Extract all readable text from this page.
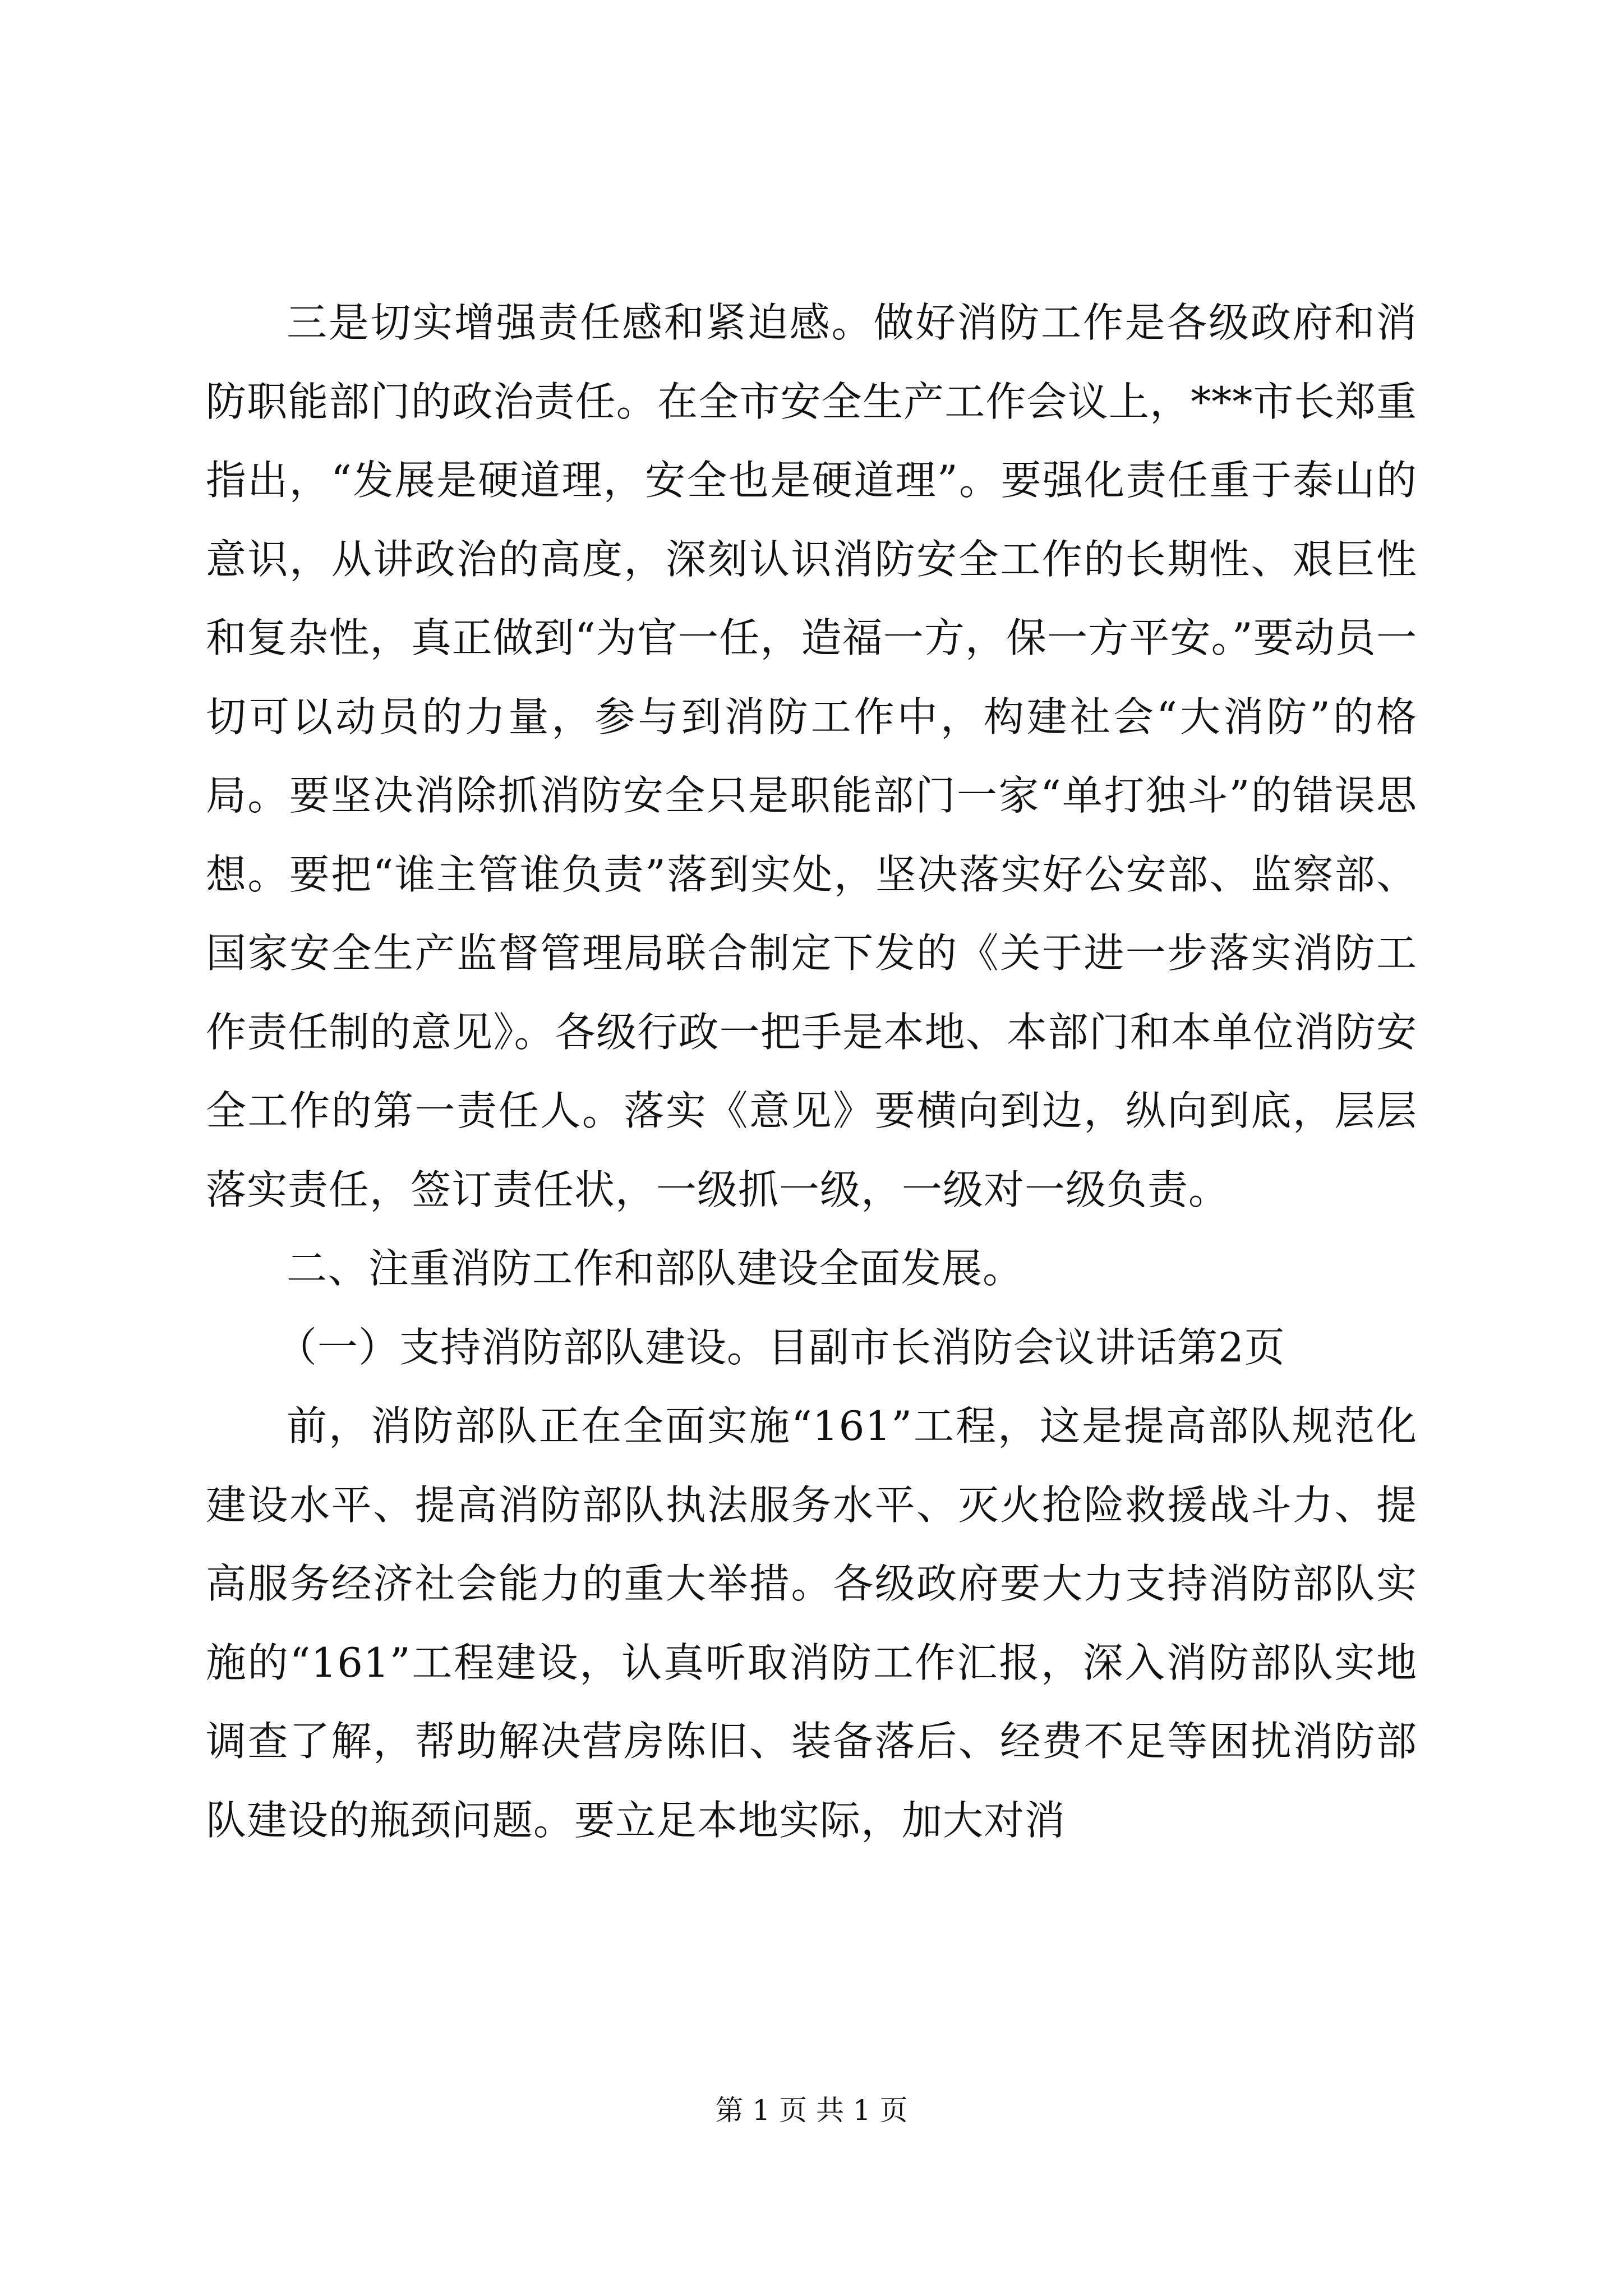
三是切实增强责任感和紧迫感。做好消防工作是各级政府和消防职能部门的政治责任。在全市安全生产工作会议上，***市长郑重指出，“发展是硬道理，安全也是硬道理”。要强化责任重于泰山的意识，从讲政治的高度，深刻认识消防安全工作的长期性、艰巨性和复杂性，真正做到“为官一任，造福一方，保一方平安。”要动员一切可以动员的力量，参与到消防工作中，构建社会“大消防”的格局。要坚决消除抓消防安全只是职能部门一家“单打独斗”的错误思想。要把“谁主管谁负责”落到实处，坚决落实好公安部、监察部、国家安全生产监督管理局联合制定下发的《关于进一步落实消防工作责任制的意见》。各级行政一把手是本地、本部门和本单位消防安全工作的第一责任人。落实《意见》要横向到边，纵向到底，层层落实责任，签订责任状，一级抓一级，一级对一级负责。

二、注重消防工作和部队建设全面发展。

（一）支持消防部队建设。目副市长消防会议讲话第2页

前，消防部队正在全面实施“161”工程，这是提高部队规范化建设水平、提高消防部队执法服务水平、灭火抢险救援战斗力、提高服务经济社会能力的重大举措。各级政府要大力支持消防部队实施的“161”工程建设，认真听取消防工作汇报，深入消防部队实地调查了解，帮助解决营房陈旧、装备落后、经费不足等困扰消防部队建设的瓶颈问题。要立足本地实际，加大对消

第 1 页 共 1 页
